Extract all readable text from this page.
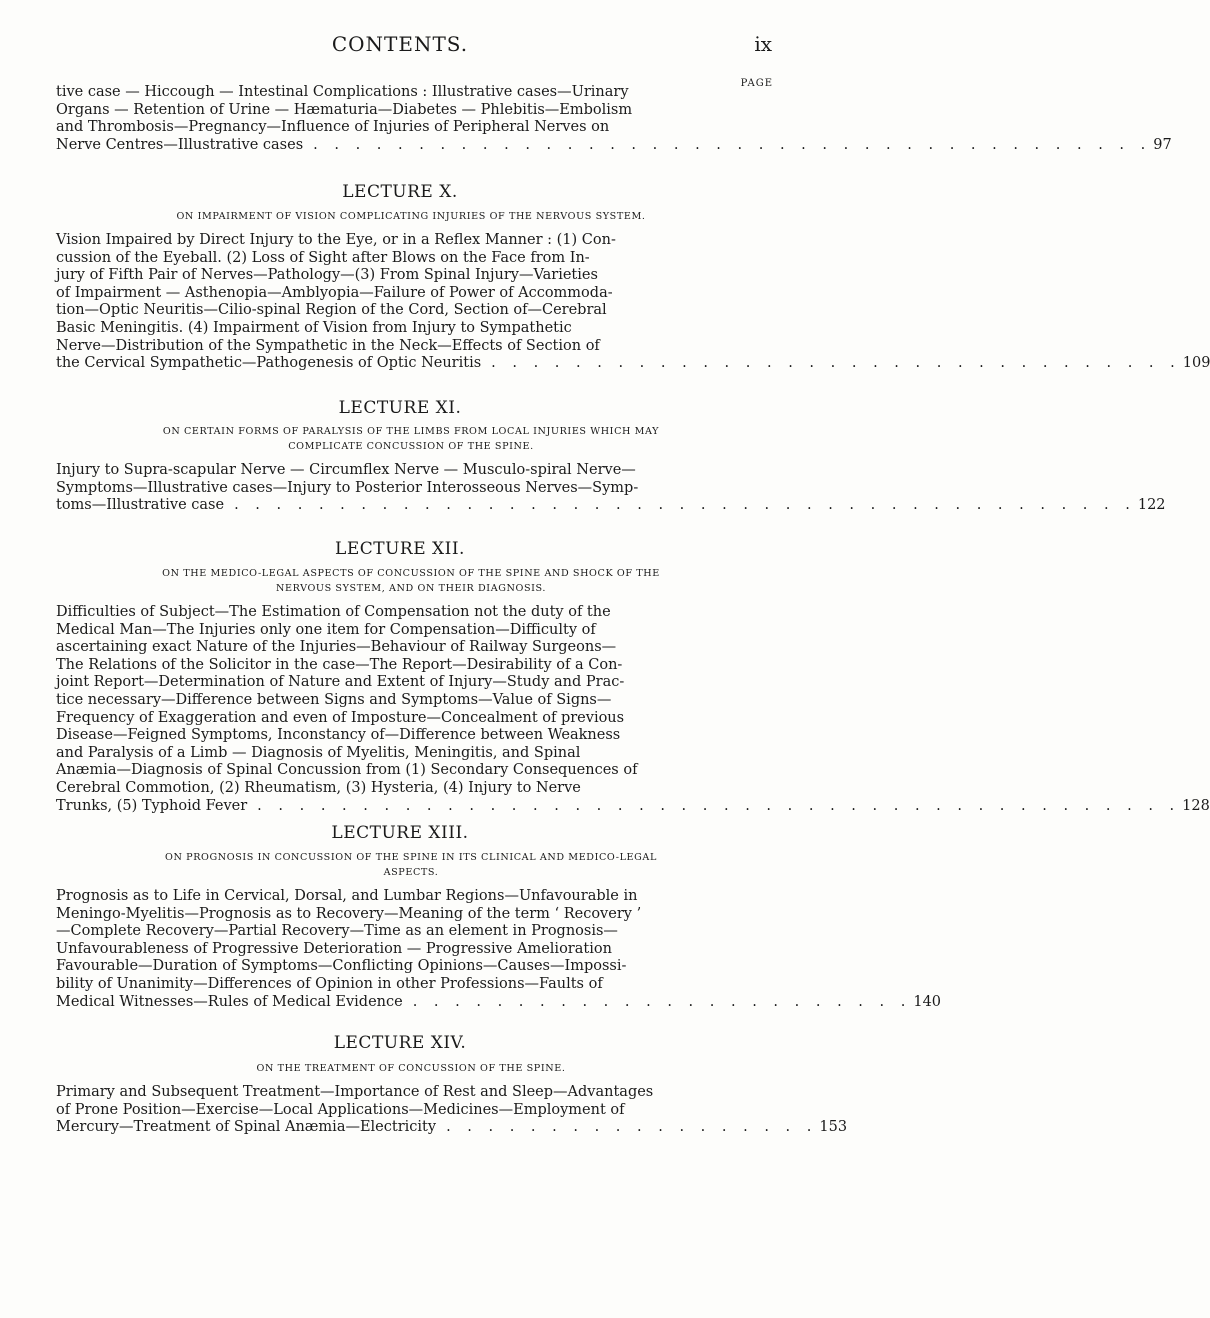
CONTENTS.	ix
PAGE
tive case — Hiccough — Intestinal Complications : Illustrative cases—Urinary
Organs — Retention of Urine — Hæmaturia—Diabetes — Phlebitis—Embolism
and Thrombosis—Pregnancy—Influence of Injuries of Peripheral Nerves on
Nerve Centres—Illustrative cases . . . . . . . . . . . . . . . . . . . . . . . . . . . . . . . . . . . . . . . . 97
LECTURE X.
ON IMPAIRMENT OF VISION COMPLICATING INJURIES OF THE NERVOUS SYSTEM.
Vision Impaired by Direct Injury to the Eye, or in a Reflex Manner : (1) Con-
cussion of the Eyeball. (2) Loss of Sight after Blows on the Face from In-
jury of Fifth Pair of Nerves—Pathology—(3) From Spinal Injury—Varieties
of Impairment — Asthenopia—Amblyopia—Failure of Power of Accommoda-
tion—Optic Neuritis—Cilio-spinal Region of the Cord, Section of—Cerebral
Basic Meningitis. (4) Impairment of Vision from Injury to Sympathetic
Nerve—Distribution of the Sympathetic in the Neck—Effects of Section of
the Cervical Sympathetic—Pathogenesis of Optic Neuritis . . . . . . . . . . . . . . . . . . . . . . . . . . . . . . . . . 109
LECTURE XI.
ON CERTAIN FORMS OF PARALYSIS OF THE LIMBS FROM LOCAL INJURIES WHICH MAY
COMPLICATE CONCUSSION OF THE SPINE.
Injury to Supra-scapular Nerve — Circumflex Nerve — Musculo-spiral Nerve—
Symptoms—Illustrative cases—Injury to Posterior Interosseous Nerves—Symp-
toms—Illustrative case . . . . . . . . . . . . . . . . . . . . . . . . . . . . . . . . . . . . . . . . . . . 122
LECTURE XII.
ON THE MEDICO-LEGAL ASPECTS OF CONCUSSION OF THE SPINE AND SHOCK OF THE
NERVOUS SYSTEM, AND ON THEIR DIAGNOSIS.
Difficulties of Subject—The Estimation of Compensation not the duty of the
Medical Man—The Injuries only one item for Compensation—Difficulty of
ascertaining exact Nature of the Injuries—Behaviour of Railway Surgeons—
The Relations of the Solicitor in the case—The Report—Desirability of a Con-
joint Report—Determination of Nature and Extent of Injury—Study and Prac-
tice necessary—Difference between Signs and Symptoms—Value of Signs—
Frequency of Exaggeration and even of Imposture—Concealment of previous
Disease—Feigned Symptoms, Inconstancy of—Difference between Weakness
and Paralysis of a Limb — Diagnosis of Myelitis, Meningitis, and Spinal
Anæmia—Diagnosis of Spinal Concussion from (1) Secondary Consequences of
Cerebral Commotion, (2) Rheumatism, (3) Hysteria, (4) Injury to Nerve
Trunks, (5) Typhoid Fever . . . . . . . . . . . . . . . . . . . . . . . . . . . . . . . . . . . . . . . . . . . . 128
LECTURE XIII.
ON PROGNOSIS IN CONCUSSION OF THE SPINE IN ITS CLINICAL AND MEDICO-LEGAL
ASPECTS.
Prognosis as to Life in Cervical, Dorsal, and Lumbar Regions—Unfavourable in
Meningo-Myelitis—Prognosis as to Recovery—Meaning of the term ‘ Recovery ’
—Complete Recovery—Partial Recovery—Time as an element in Prognosis—
Unfavourableness of Progressive Deterioration — Progressive Amelioration
Favourable—Duration of Symptoms—Conflicting Opinions—Causes—Impossi-
bility of Unanimity—Differences of Opinion in other Professions—Faults of
Medical Witnesses—Rules of Medical Evidence . . . . . . . . . . . . . . . . . . . . . . . . 140
LECTURE XIV.
ON THE TREATMENT OF CONCUSSION OF THE SPINE.
Primary and Subsequent Treatment—Importance of Rest and Sleep—Advantages
of Prone Position—Exercise—Local Applications—Medicines—Employment of
Mercury—Treatment of Spinal Anæmia—Electricity . . . . . . . . . . . . . . . . . . 153
